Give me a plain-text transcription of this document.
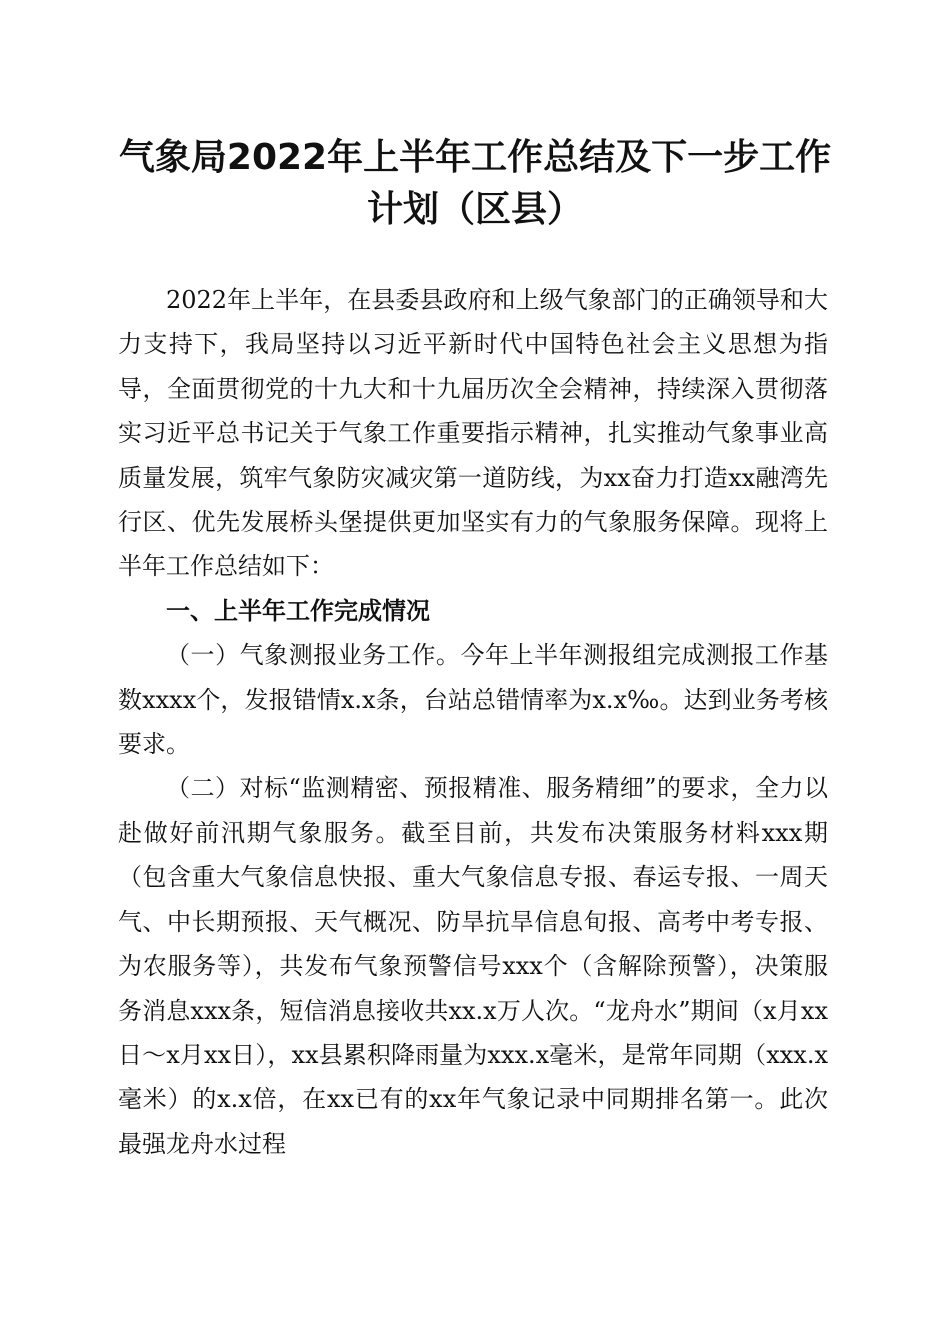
气象局2022年上半年工作总结及下一步工作
计划（区县）

2022年上半年，在县委县政府和上级气象部门的正确领导和大力支持下，我局坚持以习近平新时代中国特色社会主义思想为指导，全面贯彻党的十九大和十九届历次全会精神，持续深入贯彻落实习近平总书记关于气象工作重要指示精神，扎实推动气象事业高质量发展，筑牢气象防灾减灾第一道防线，为xx奋力打造xx融湾先行区、优先发展桥头堡提供更加坚实有力的气象服务保障。现将上半年工作总结如下：

一、上半年工作完成情况

（一）气象测报业务工作。今年上半年测报组完成测报工作基数xxxx个，发报错情x.x条，台站总错情率为x.x‰。达到业务考核要求。

（二）对标“监测精密、预报精准、服务精细”的要求，全力以赴做好前汛期气象服务。截至目前，共发布决策服务材料xxx期（包含重大气象信息快报、重大气象信息专报、春运专报、一周天气、中长期预报、天气概况、防旱抗旱信息旬报、高考中考专报、为农服务等），共发布气象预警信号xxx个（含解除预警），决策服务消息xxx条，短信消息接收共xx.x万人次。“龙舟水”期间（x月xx日～x月xx日），xx县累积降雨量为xxx.x毫米，是常年同期（xxx.x毫米）的x.x倍，在xx已有的xx年气象记录中同期排名第一。此次最强龙舟水过程
